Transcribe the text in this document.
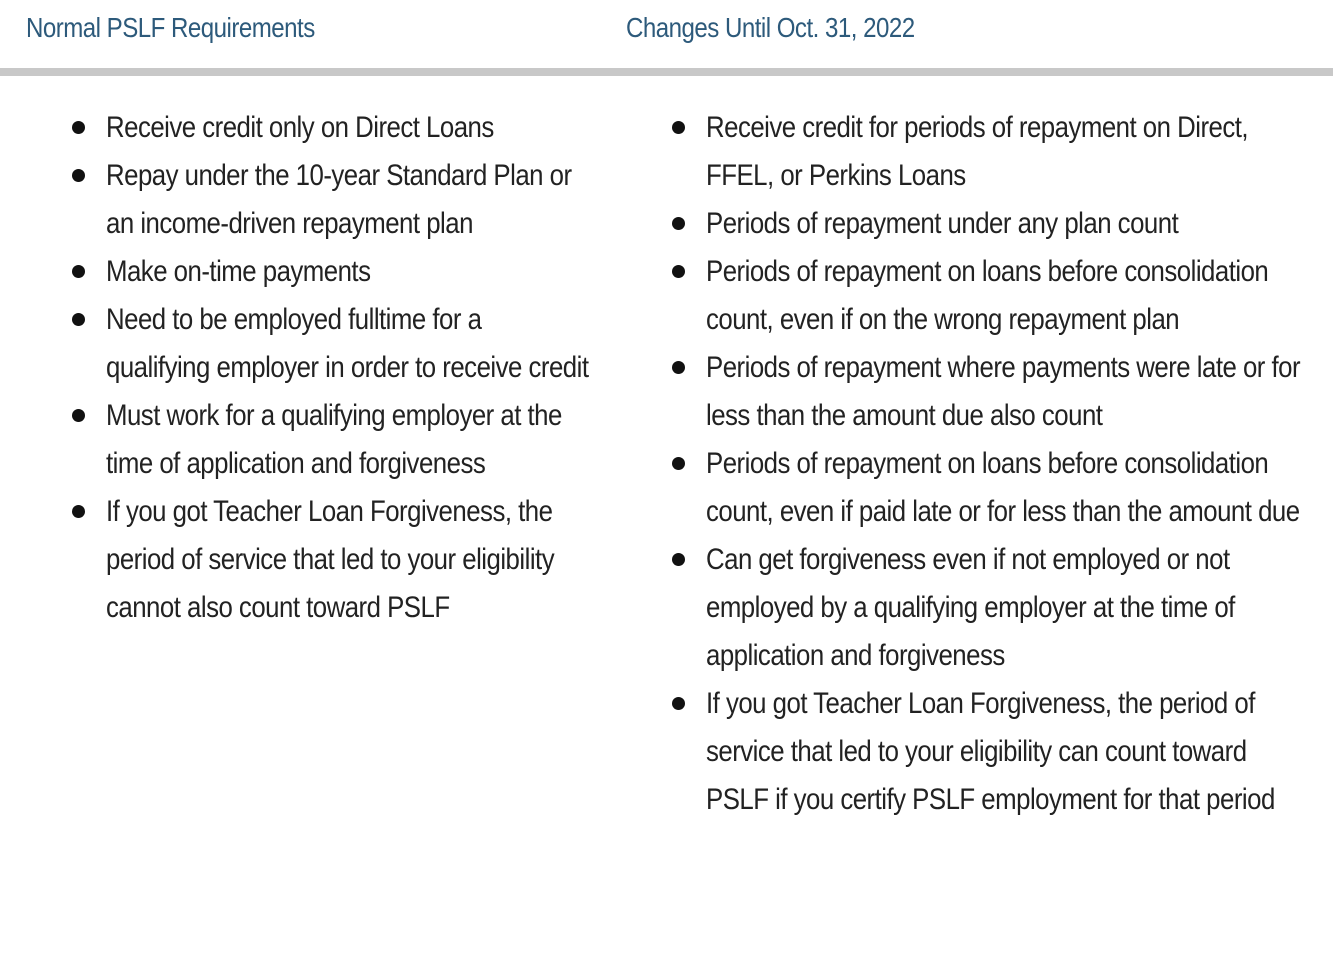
Normal PSLF Requirements	Changes Until Oct. 31, 2022
Receive credit only on Direct Loans
Repay under the 10-year Standard Plan or an income-driven repayment plan
Make on-time payments
Need to be employed fulltime for a qualifying employer in order to receive credit
Must work for a qualifying employer at the time of application and forgiveness
If you got Teacher Loan Forgiveness, the period of service that led to your eligibility cannot also count toward PSLF
Receive credit for periods of repayment on Direct, FFEL, or Perkins Loans
Periods of repayment under any plan count
Periods of repayment on loans before consolidation count, even if on the wrong repayment plan
Periods of repayment where payments were late or for less than the amount due also count
Periods of repayment on loans before consolidation count, even if paid late or for less than the amount due
Can get forgiveness even if not employed or not employed by a qualifying employer at the time of application and forgiveness
If you got Teacher Loan Forgiveness, the period of service that led to your eligibility can count toward PSLF if you certify PSLF employment for that period
